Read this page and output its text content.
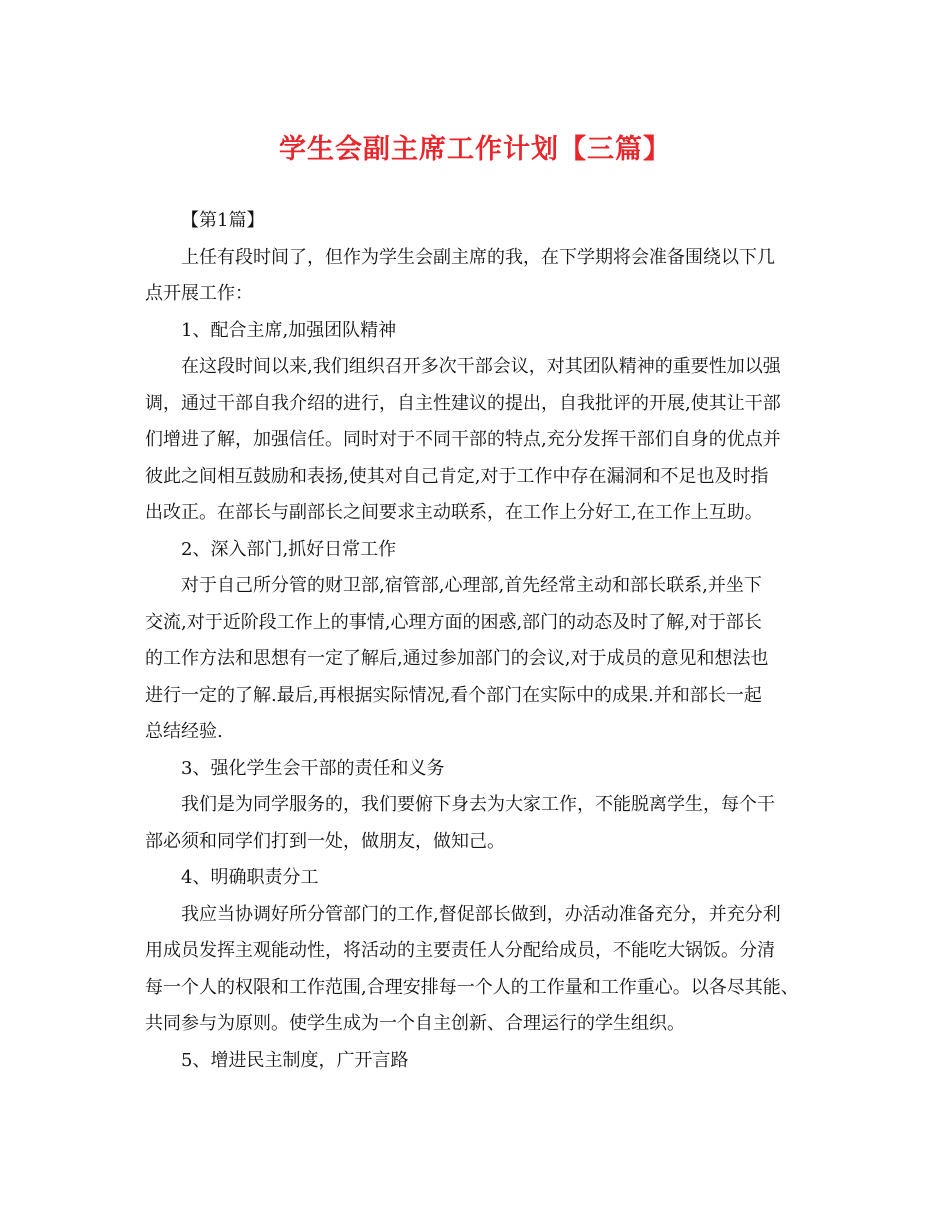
学生会副主席工作计划【三篇】

【第1篇】

上任有段时间了，但作为学生会副主席的我，在下学期将会准备围绕以下几

点开展工作：

1、配合主席,加强团队精神

在这段时间以来,我们组织召开多次干部会议，对其团队精神的重要性加以强

调，通过干部自我介绍的进行，自主性建议的提出，自我批评的开展,使其让干部

们增进了解，加强信任。同时对于不同干部的特点,充分发挥干部们自身的优点并

彼此之间相互鼓励和表扬,使其对自己肯定,对于工作中存在漏洞和不足也及时指

出改正。在部长与副部长之间要求主动联系，在工作上分好工,在工作上互助。

2、深入部门,抓好日常工作

对于自己所分管的财卫部,宿管部,心理部,首先经常主动和部长联系,并坐下

交流,对于近阶段工作上的事情,心理方面的困惑,部门的动态及时了解,对于部长

的工作方法和思想有一定了解后,通过参加部门的会议,对于成员的意见和想法也

进行一定的了解.最后,再根据实际情况,看个部门在实际中的成果.并和部长一起

总结经验.

3、强化学生会干部的责任和义务

我们是为同学服务的，我们要俯下身去为大家工作，不能脱离学生，每个干

部必须和同学们打到一处，做朋友，做知己。

4、明确职责分工

我应当协调好所分管部门的工作,督促部长做到，办活动准备充分，并充分利

用成员发挥主观能动性，将活动的主要责任人分配给成员，不能吃大锅饭。分清

每一个人的权限和工作范围,合理安排每一个人的工作量和工作重心。以各尽其能、

共同参与为原则。使学生成为一个自主创新、合理运行的学生组织。

5、增进民主制度，广开言路
